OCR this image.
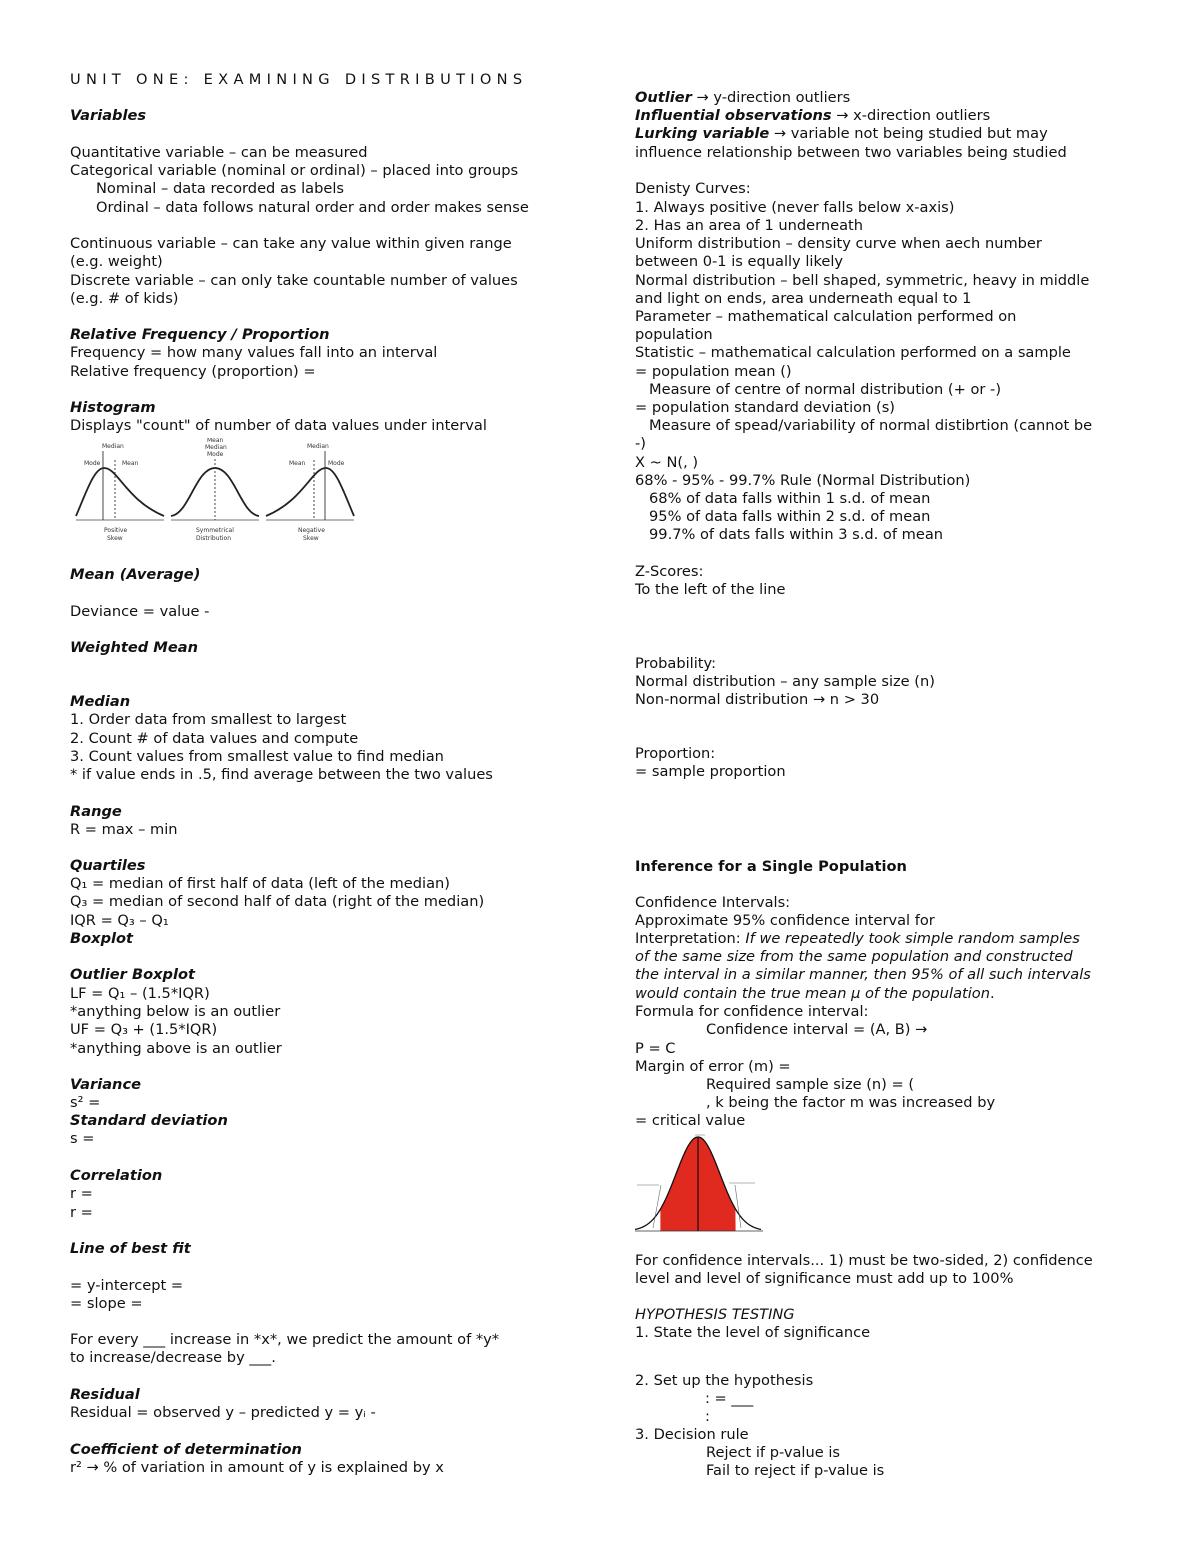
UNIT ONE: EXAMINING DISTRIBUTIONS
Variables
Quantitative variable – can be measured
Categorical variable (nominal or ordinal) – placed into groups
Nominal – data recorded as labels
Ordinal – data follows natural order and order makes sense
Continuous variable – can take any value within given range
(e.g. weight)
Discrete variable – can only take countable number of values
(e.g. # of kids)
Relative Frequency / Proportion
Frequency = how many values fall into an interval
Relative frequency (proportion) =
Histogram
Displays "count" of number of data values under interval
Median
Mode	Mean
Mean
Median
Mode
Median
Mean	Mode
Positive
Skew
Symmetrical
Distribution
Negative
Skew
Mean (Average)
Deviance = value -
Weighted Mean
Median
1. Order data from smallest to largest
2. Count # of data values and compute
3. Count values from smallest value to find median
* if value ends in .5, find average between the two values
Range
R = max – min
Quartiles
Q₁ = median of first half of data (left of the median)
Q₃ = median of second half of data (right of the median)
IQR = Q₃ – Q₁
Boxplot
Outlier Boxplot
LF = Q₁ – (1.5*IQR)
*anything below is an outlier
UF = Q₃ + (1.5*IQR)
*anything above is an outlier
Variance
s² =
Standard deviation
s =
Correlation
r =
r =
Line of best fit
= y-intercept =
= slope =
For every ___ increase in *x*, we predict the amount of *y*
to increase/decrease by ___.
Residual
Residual = observed y – predicted y = yᵢ -
Coefficient of determination
r² → % of variation in amount of y is explained by x
Outlier → y-direction outliers
Influential observations → x-direction outliers
Lurking variable → variable not being studied but may
influence relationship between two variables being studied
Denisty Curves:
1. Always positive (never falls below x-axis)
2. Has an area of 1 underneath
Uniform distribution – density curve when aech number
between 0-1 is equally likely
Normal distribution – bell shaped, symmetric, heavy in middle
and light on ends, area underneath equal to 1
Parameter – mathematical calculation performed on
population
Statistic – mathematical calculation performed on a sample
= population mean ()
Measure of centre of normal distribution (+ or -)
= population standard deviation (s)
Measure of spead/variability of normal distibrtion (cannot be
-)
X ~ N(, )
68% - 95% - 99.7% Rule (Normal Distribution)
68% of data falls within 1 s.d. of mean
95% of data falls within 2 s.d. of mean
99.7% of dats falls within 3 s.d. of mean
Z-Scores:
To the left of the line
Probability:
Normal distribution – any sample size (n)
Non-normal distribution → n > 30
Proportion:
= sample proportion
Inference for a Single Population
Confidence Intervals:
Approximate 95% confidence interval for
Interpretation: If we repeatedly took simple random samples
of the same size from the same population and constructed
the interval in a similar manner, then 95% of all such intervals
would contain the true mean μ of the population.
Formula for confidence interval:
Confidence interval = (A, B) →
P = C
Margin of error (m) =
Required sample size (n) = (
, k being the factor m was increased by
= critical value
For confidence intervals... 1) must be two-sided, 2) confidence
level and level of significance must add up to 100%
HYPOTHESIS TESTING
1. State the level of significance
2. Set up the hypothesis
: = ___
:
3. Decision rule
Reject if p-value is
Fail to reject if p-value is
